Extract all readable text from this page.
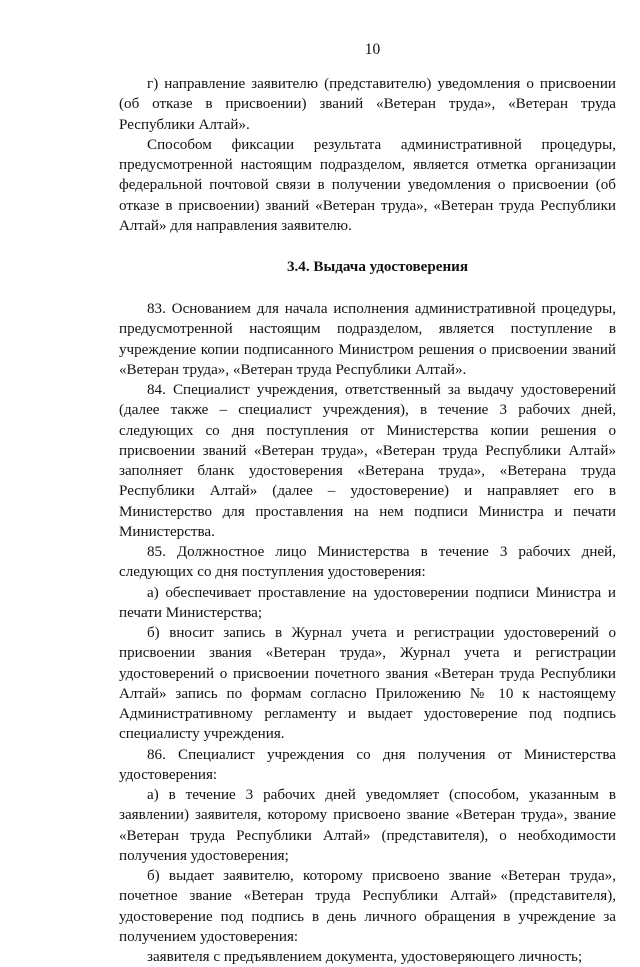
10

г) направление заявителю (представителю) уведомления о присвоении (об отказе в присвоении) званий «Ветеран труда», «Ветеран труда Республики Алтай».

Способом фиксации результата административной процедуры, предусмотренной настоящим подразделом, является отметка организации федеральной почтовой связи в получении уведомления о присвоении (об отказе в присвоении) званий «Ветеран труда», «Ветеран труда Республики Алтай» для направления заявителю.

3.4. Выдача удостоверения

83. Основанием для начала исполнения административной процедуры, предусмотренной настоящим подразделом, является поступление в учреждение копии подписанного Министром решения о присвоении званий «Ветеран труда», «Ветеран труда Республики Алтай».

84. Специалист учреждения, ответственный за выдачу удостоверений (далее также – специалист учреждения), в течение 3 рабочих дней, следующих со дня поступления от Министерства копии решения о присвоении званий «Ветеран труда», «Ветеран труда Республики Алтай» заполняет бланк удостоверения «Ветерана труда», «Ветерана труда Республики Алтай» (далее – удостоверение) и направляет его в Министерство для проставления на нем подписи Министра и печати Министерства.

85. Должностное лицо Министерства в течение 3 рабочих дней, следующих со дня поступления удостоверения:

а) обеспечивает проставление на удостоверении подписи Министра и печати Министерства;

б) вносит запись в Журнал учета и регистрации удостоверений о присвоении звания «Ветеран труда», Журнал учета и регистрации удостоверений о присвоении почетного звания «Ветеран труда Республики Алтай» запись по формам согласно Приложению № 10 к настоящему Административному регламенту и выдает удостоверение под подпись специалисту учреждения.

86. Специалист учреждения со дня получения от Министерства удостоверения:

а) в течение 3 рабочих дней уведомляет (способом, указанным в заявлении) заявителя, которому присвоено звание «Ветеран труда», звание «Ветеран труда Республики Алтай» (представителя), о необходимости получения удостоверения;

б) выдает заявителю, которому присвоено звание «Ветеран труда», почетное звание «Ветеран труда Республики Алтай» (представителя), удостоверение под подпись в день личного обращения в учреждение за получением удостоверения:

заявителя с предъявлением документа, удостоверяющего личность;
